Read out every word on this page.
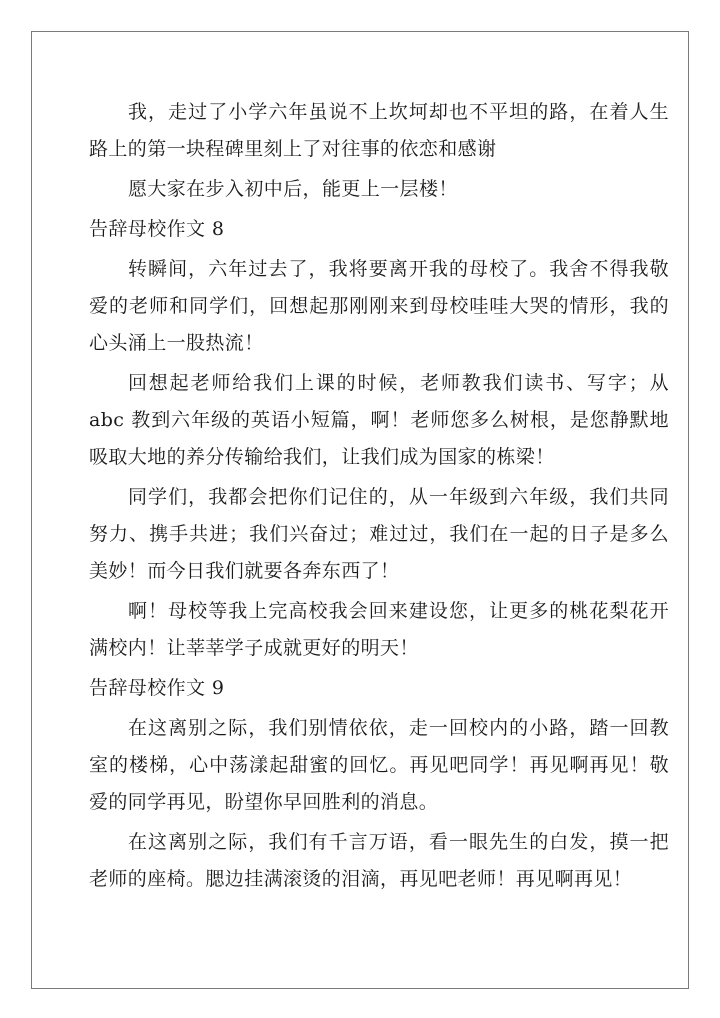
我，走过了小学六年虽说不上坎坷却也不平坦的路，在着人生路上的第一块程碑里刻上了对往事的依恋和感谢

愿大家在步入初中后，能更上一层楼！

告辞母校作文 8

转瞬间，六年过去了，我将要离开我的母校了。我舍不得我敬爱的老师和同学们，回想起那刚刚来到母校哇哇大哭的情形，我的心头涌上一股热流！

回想起老师给我们上课的时候，老师教我们读书、写字；从 abc 教到六年级的英语小短篇，啊！老师您多么树根，是您静默地吸取大地的养分传输给我们，让我们成为国家的栋梁！

同学们，我都会把你们记住的，从一年级到六年级，我们共同努力、携手共进；我们兴奋过；难过过，我们在一起的日子是多么美妙！而今日我们就要各奔东西了！

啊！母校等我上完高校我会回来建设您，让更多的桃花梨花开满校内！让莘莘学子成就更好的明天！

告辞母校作文 9

在这离别之际，我们别情依依，走一回校内的小路，踏一回教室的楼梯，心中荡漾起甜蜜的回忆。再见吧同学！再见啊再见！敬爱的同学再见，盼望你早回胜利的消息。

在这离别之际，我们有千言万语，看一眼先生的白发，摸一把老师的座椅。腮边挂满滚烫的泪滴，再见吧老师！再见啊再见！
